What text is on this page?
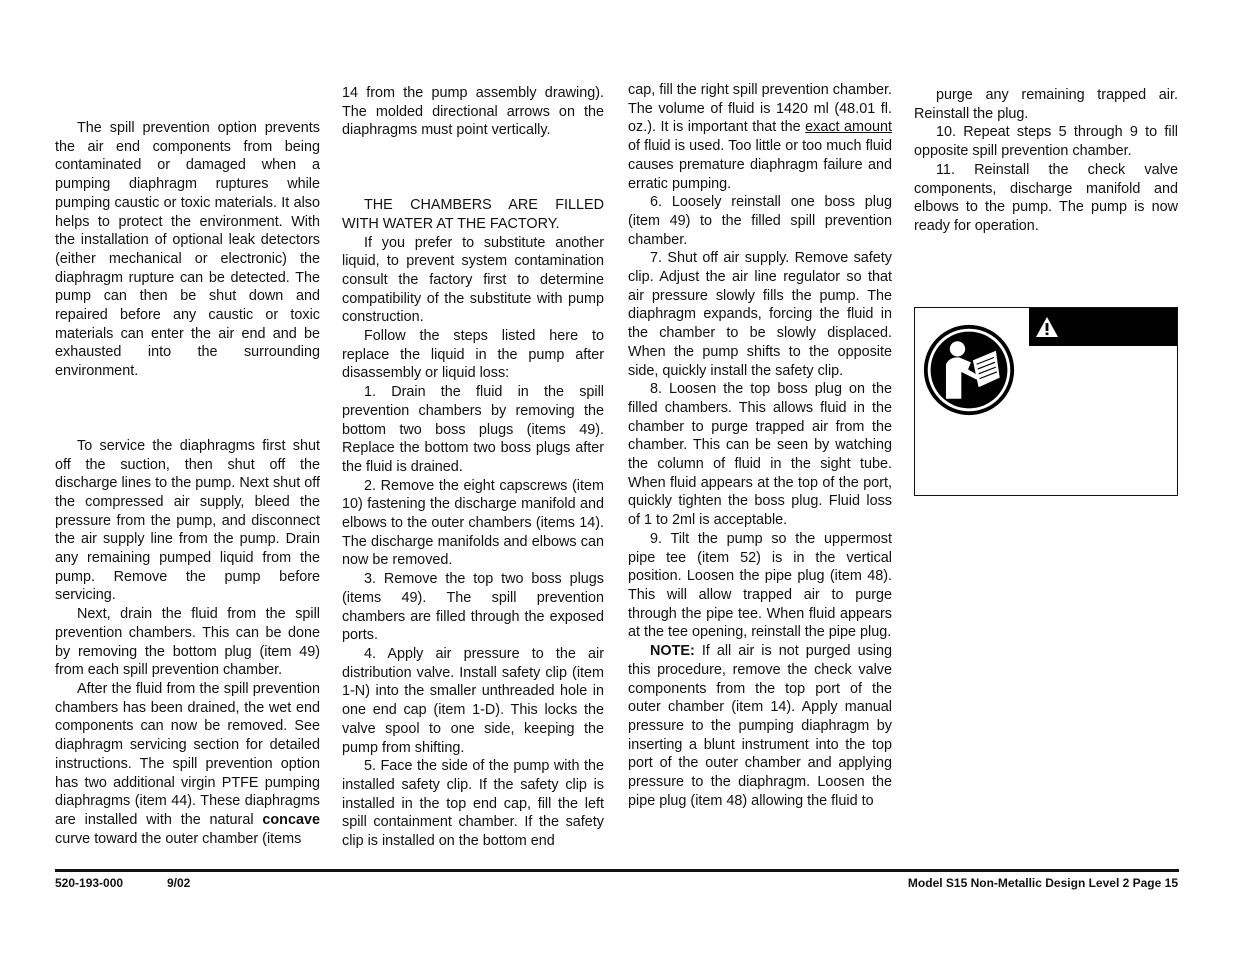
The spill prevention option prevents the air end components from being contaminated or damaged when a pumping diaphragm ruptures while pumping caustic or toxic materials. It also helps to protect the environment. With the installation of optional leak detectors (either mechanical or electronic) the diaphragm rupture can be detected. The pump can then be shut down and repaired before any caustic or toxic materials can enter the air end and be exhausted into the surrounding environment.

To service the diaphragms first shut off the suction, then shut off the discharge lines to the pump. Next shut off the compressed air supply, bleed the pressure from the pump, and disconnect the air supply line from the pump. Drain any remaining pumped liquid from the pump. Remove the pump before servicing.

Next, drain the fluid from the spill prevention chambers. This can be done by removing the bottom plug (item 49) from each spill prevention chamber.

After the fluid from the spill prevention chambers has been drained, the wet end components can now be removed. See diaphragm servicing section for detailed instructions. The spill prevention option has two additional virgin PTFE pumping diaphragms (item 44). These diaphragms are installed with the natural concave curve toward the outer chamber (items

14 from the pump assembly drawing). The molded directional arrows on the diaphragms must point vertically.

THE CHAMBERS ARE FILLED WITH WATER AT THE FACTORY.

If you prefer to substitute another liquid, to prevent system contamination consult the factory first to determine compatibility of the substitute with pump construction.

Follow the steps listed here to replace the liquid in the pump after disassembly or liquid loss:

1. Drain the fluid in the spill prevention chambers by removing the bottom two boss plugs (items 49). Replace the bottom two boss plugs after the fluid is drained.

2. Remove the eight capscrews (item 10) fastening the discharge manifold and elbows to the outer chambers (items 14). The discharge manifolds and elbows can now be removed.

3. Remove the top two boss plugs (items 49). The spill prevention chambers are filled through the exposed ports.

4. Apply air pressure to the air distribution valve. Install safety clip (item 1-N) into the smaller unthreaded hole in one end cap (item 1-D). This locks the valve spool to one side, keeping the pump from shifting.

5. Face the side of the pump with the installed safety clip. If the safety clip is installed in the top end cap, fill the left spill containment chamber. If the safety clip is installed on the bottom end

cap, fill the right spill prevention chamber. The volume of fluid is 1420 ml (48.01 fl. oz.). It is important that the exact amount of fluid is used. Too little or too much fluid causes premature diaphragm failure and erratic pumping.

6. Loosely reinstall one boss plug (item 49) to the filled spill prevention chamber.

7. Shut off air supply. Remove safety clip. Adjust the air line regulator so that air pressure slowly fills the pump. The diaphragm expands, forcing the fluid in the chamber to be slowly displaced. When the pump shifts to the opposite side, quickly install the safety clip.

8. Loosen the top boss plug on the filled chambers. This allows fluid in the chamber to purge trapped air from the chamber. This can be seen by watching the column of fluid in the sight tube. When fluid appears at the top of the port, quickly tighten the boss plug. Fluid loss of 1 to 2ml is acceptable.

9. Tilt the pump so the uppermost pipe tee (item 52) is in the vertical position. Loosen the pipe plug (item 48). This will allow trapped air to purge through the pipe tee. When fluid appears at the tee opening, reinstall the pipe plug.

NOTE: If all air is not purged using this procedure, remove the check valve components from the top port of the outer chamber (item 14). Apply manual pressure to the pumping diaphragm by inserting a blunt instrument into the top port of the outer chamber and applying pressure to the diaphragm. Loosen the pipe plug (item 48) allowing the fluid to

purge any remaining trapped air. Reinstall the plug.

10. Repeat steps 5 through 9 to fill opposite spill prevention chamber.

11. Reinstall the check valve components, discharge manifold and elbows to the pump. The pump is now ready for operation.

520-193-000	9/02	Model S15 Non-Metallic Design Level 2 Page 15
